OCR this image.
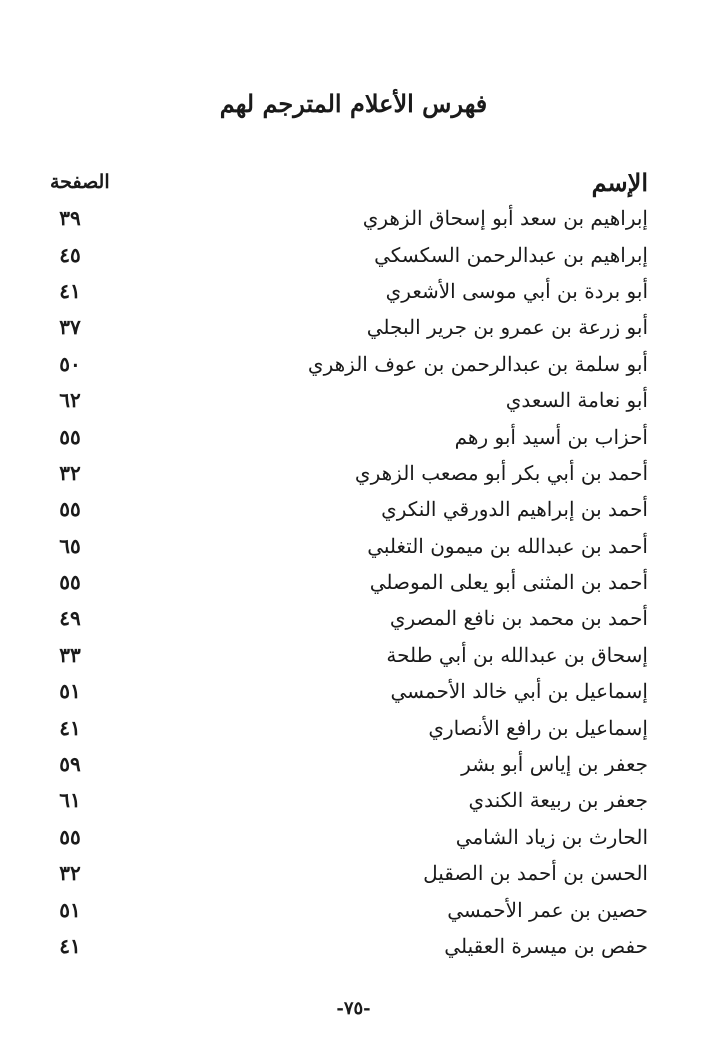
فهرس الأعلام المترجم لهم
الإسم
الصفحة
إبراهيم بن سعد أبو إسحاق الزهري
٣٩
إبراهيم بن عبدالرحمن السكسكي
٤٥
أبو بردة بن أبي موسى الأشعري
٤١
أبو زرعة بن عمرو بن جرير البجلي
٣٧
أبو سلمة بن عبدالرحمن بن عوف الزهري
٥٠
أبو نعامة السعدي
٦٢
أحزاب بن أسيد أبو رهم
٥٥
أحمد بن أبي بكر أبو مصعب الزهري
٣٢
أحمد بن إبراهيم الدورقي النكري
٥٥
أحمد بن عبدالله بن ميمون التغلبي
٦٥
أحمد بن المثنى أبو يعلى الموصلي
٥٥
أحمد بن محمد بن نافع المصري
٤٩
إسحاق بن عبدالله بن أبي طلحة
٣٣
إسماعيل بن أبي خالد الأحمسي
٥١
إسماعيل بن رافع الأنصاري
٤١
جعفر بن إياس أبو بشر
٥٩
جعفر بن ربيعة الكندي
٦١
الحارث بن زياد الشامي
٥٥
الحسن بن أحمد بن الصقيل
٣٢
حصين بن عمر الأحمسي
٥١
حفص بن ميسرة العقيلي
٤١
-٧٥-
